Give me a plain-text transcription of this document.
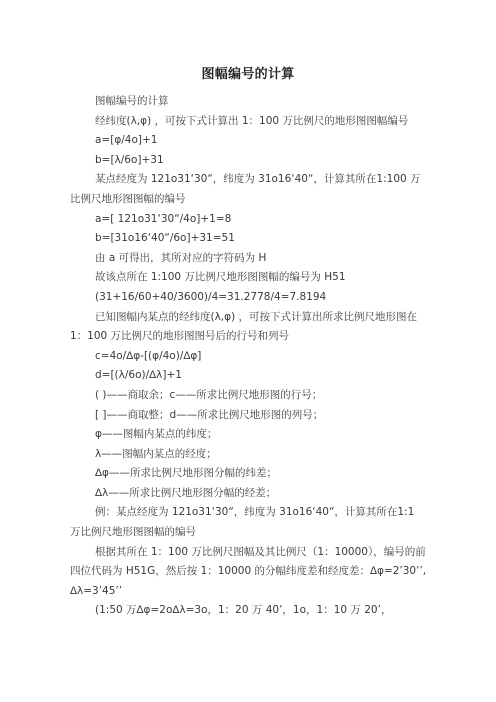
图幅编号的计算

图幅编号的计算

经纬度(λ,φ) ，可按下式计算出 1：100 万比例尺的地形图图幅编号

a=[φ/4o]+1

b=[λ/6o]+31

某点经度为 121o31‘30“，纬度为 31o16‘40“，计算其所在1:100 万比例尺地形图图幅的编号

a=[ 121o31‘30“/4o]+1=8

b=[31o16‘40“/6o]+31=51

由 a 可得出，其所对应的字符码为 H

故该点所在 1:100 万比例尺地形图图幅的编号为 H51

(31+16/60+40/3600)/4=31.2778/4=7.8194

已知图幅内某点的经纬度(λ,φ) ，可按下式计算出所求比例尺地形图在 1：100 万比例尺的地形图图号后的行号和列号

c=4o/∆φ-[(φ/4o)/∆φ]

d=[(λ/6o)/∆λ]+1

( )——商取余；c——所求比例尺地形图的行号；

[ ]——商取整；d——所求比例尺地形图的列号；

φ——图幅内某点的纬度；

λ——图幅内某点的经度；

∆φ——所求比例尺地形图分幅的纬差；

∆λ——所求比例尺地形图分幅的经差；

例：某点经度为 121o31‘30“，纬度为 31o16‘40“，计算其所在1:1 万比例尺地形图图幅的编号

根据其所在 1：100 万比例尺图幅及其比例尺（1：10000），编号的前四位代码为 H51G，然后按 1：10000 的分幅纬度差和经度差：∆φ=2’30’’,∆λ=3’45’’

(1:50 万∆φ=2o∆λ=3o，1：20 万 40’，1o，1：10 万 20’，
